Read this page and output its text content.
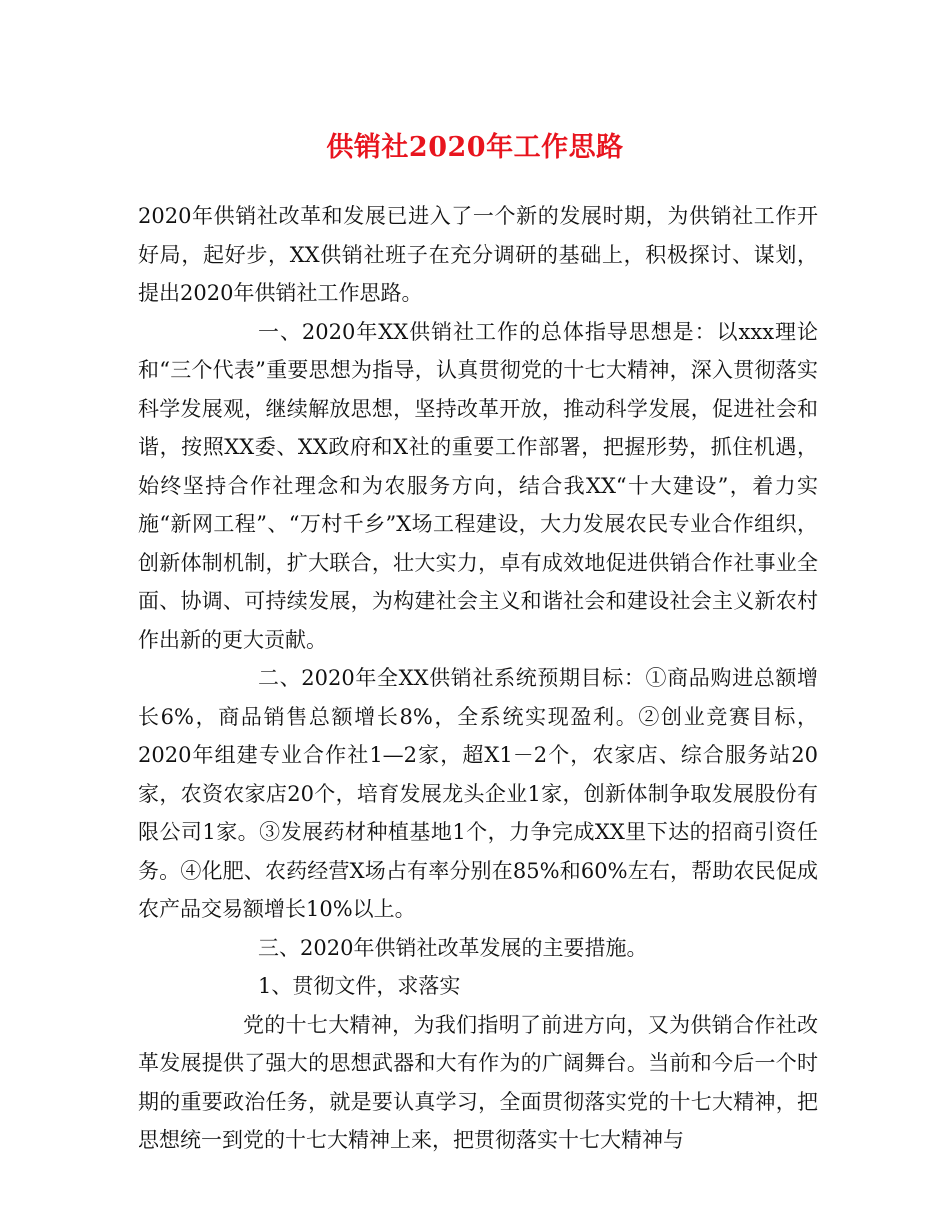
供销社2020年工作思路

2020年供销社改革和发展已进入了一个新的发展时期，为供销社工作开好局，起好步，XX供销社班子在充分调研的基础上，积极探讨、谋划，提出2020年供销社工作思路。

一、2020年XX供销社工作的总体指导思想是：以xxx理论和“三个代表”重要思想为指导，认真贯彻党的十七大精神，深入贯彻落实科学发展观，继续解放思想，坚持改革开放，推动科学发展，促进社会和谐，按照XX委、XX政府和X社的重要工作部署，把握形势，抓住机遇，始终坚持合作社理念和为农服务方向，结合我XX“十大建设”，着力实施“新网工程”、“万村千乡”X场工程建设，大力发展农民专业合作组织，创新体制机制，扩大联合，壮大实力，卓有成效地促进供销合作社事业全面、协调、可持续发展，为构建社会主义和谐社会和建设社会主义新农村作出新的更大贡献。

二、2020年全XX供销社系统预期目标：①商品购进总额增长6%，商品销售总额增长8%，全系统实现盈利。②创业竞赛目标，2020年组建专业合作社1—2家，超X1－2个，农家店、综合服务站20家，农资农家店20个，培育发展龙头企业1家，创新体制争取发展股份有限公司1家。③发展药材种植基地1个，力争完成XX里下达的招商引资任务。④化肥、农药经营X场占有率分别在85%和60%左右，帮助农民促成农产品交易额增长10%以上。

三、2020年供销社改革发展的主要措施。

1、贯彻文件，求落实

党的十七大精神，为我们指明了前进方向，又为供销合作社改革发展提供了强大的思想武器和大有作为的广阔舞台。当前和今后一个时期的重要政治任务，就是要认真学习，全面贯彻落实党的十七大精神，把思想统一到党的十七大精神上来，把贯彻落实十七大精神与
